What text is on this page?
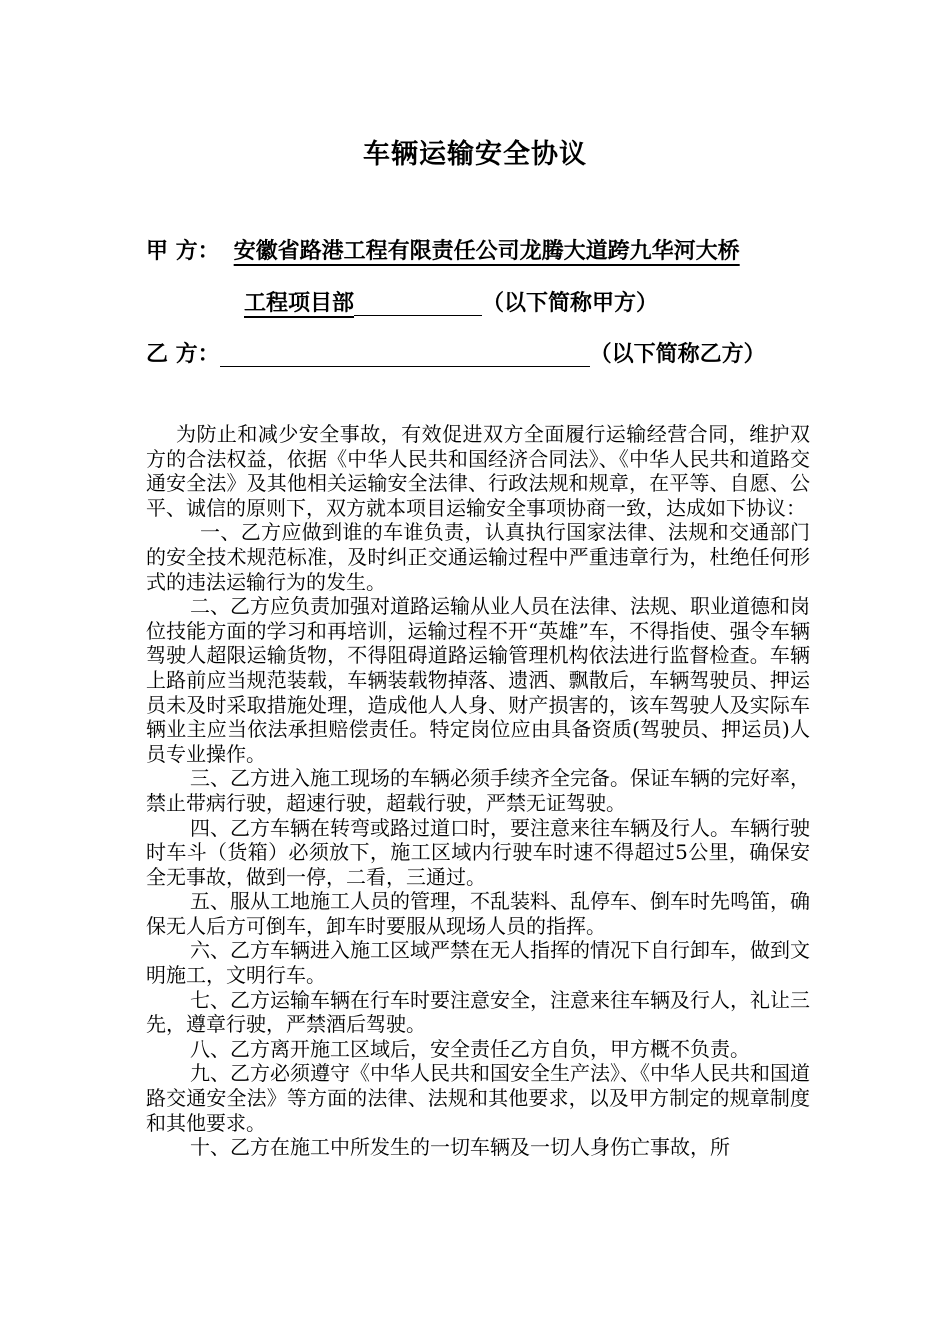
车辆运输安全协议
甲 方： 安徽省路港工程有限责任公司龙腾大道跨九华河大桥
工程项目部	（以下简称甲方）
乙 方：	（以下简称乙方）

为防止和减少安全事故，有效促进双方全面履行运输经营合同，维护双方的合法权益，依据《中华人民共和国经济合同法》、《中华人民共和道路交通安全法》及其他相关运输安全法律、行政法规和规章，在平等、自愿、公平、诚信的原则下，双方就本项目运输安全事项协商一致，达成如下协议：

一、乙方应做到谁的车谁负责，认真执行国家法律、法规和交通部门的安全技术规范标准，及时纠正交通运输过程中严重违章行为，杜绝任何形式的违法运输行为的发生。

二、乙方应负责加强对道路运输从业人员在法律、法规、职业道德和岗位技能方面的学习和再培训，运输过程不开“英雄”车，不得指使、强令车辆驾驶人超限运输货物，不得阻碍道路运输管理机构依法进行监督检查。车辆上路前应当规范装载，车辆装载物掉落、遗洒、飘散后，车辆驾驶员、押运员未及时采取措施处理，造成他人人身、财产损害的，该车驾驶人及实际车辆业主应当依法承担赔偿责任。特定岗位应由具备资质(驾驶员、押运员)人员专业操作。

三、乙方进入施工现场的车辆必须手续齐全完备。保证车辆的完好率，禁止带病行驶，超速行驶，超载行驶，严禁无证驾驶。

四、乙方车辆在转弯或路过道口时，要注意来往车辆及行人。车辆行驶时车斗（货箱）必须放下，施工区域内行驶车时速不得超过5公里，确保安全无事故，做到一停，二看，三通过。

五、服从工地施工人员的管理，不乱装料、乱停车、倒车时先鸣笛，确保无人后方可倒车，卸车时要服从现场人员的指挥。

六、乙方车辆进入施工区域严禁在无人指挥的情况下自行卸车，做到文明施工，文明行车。

七、乙方运输车辆在行车时要注意安全，注意来往车辆及行人，礼让三先，遵章行驶，严禁酒后驾驶。

八、乙方离开施工区域后，安全责任乙方自负，甲方概不负责。

九、乙方必须遵守《中华人民共和国安全生产法》、《中华人民共和国道路交通安全法》等方面的法律、法规和其他要求，以及甲方制定的规章制度和其他要求。

十、乙方在施工中所发生的一切车辆及一切人身伤亡事故，所
